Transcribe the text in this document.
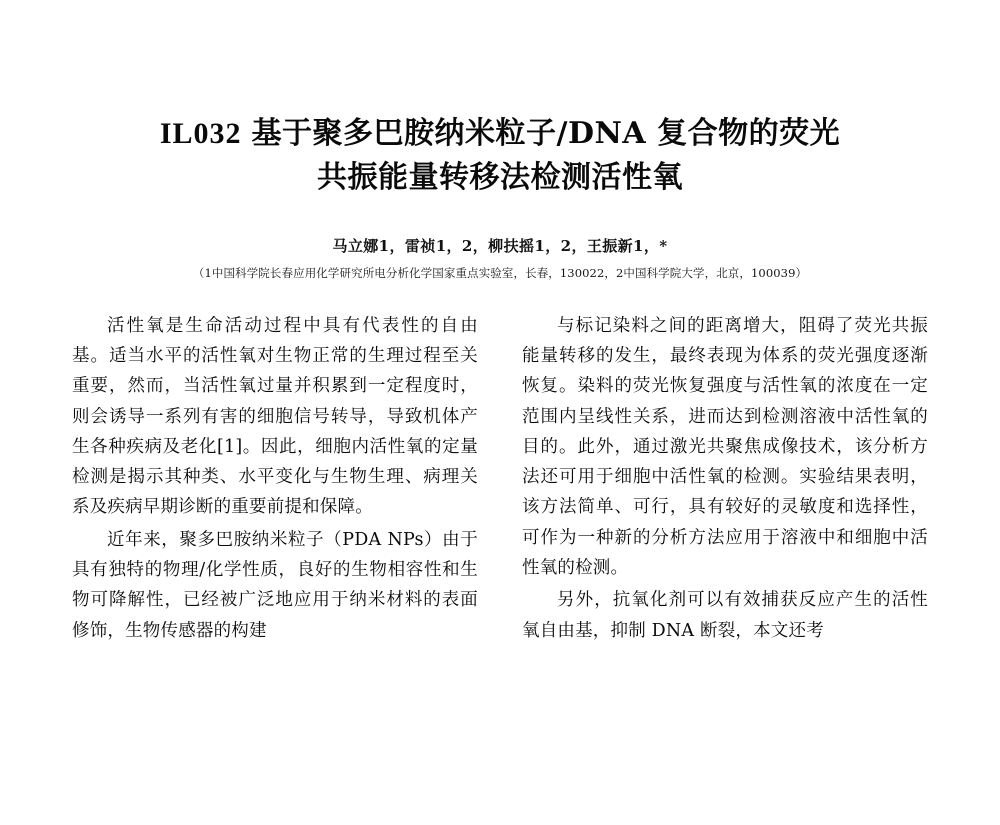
IL032 基于聚多巴胺纳米粒子/DNA 复合物的荧光
共振能量转移法检测活性氧
马立娜1，雷祯1，2，柳扶摇1，2，王振新1，*
（1中国科学院长春应用化学研究所电分析化学国家重点实验室，长春，130022，2中国科学院大学，北京，100039）

活性氧是生命活动过程中具有代表性的自由基。适当水平的活性氧对生物正常的生理过程至关重要，然而，当活性氧过量并积累到一定程度时，则会诱导一系列有害的细胞信号转导，导致机体产生各种疾病及老化[1]。因此，细胞内活性氧的定量检测是揭示其种类、水平变化与生物生理、病理关系及疾病早期诊断的重要前提和保障。

近年来，聚多巴胺纳米粒子（PDA NPs）由于具有独特的物理/化学性质，良好的生物相容性和生物可降解性，已经被广泛地应用于纳米材料的表面修饰，生物传感器的构建

与标记染料之间的距离增大，阻碍了荧光共振能量转移的发生，最终表现为体系的荧光强度逐渐恢复。染料的荧光恢复强度与活性氧的浓度在一定范围内呈线性关系，进而达到检测溶液中活性氧的目的。此外，通过激光共聚焦成像技术，该分析方法还可用于细胞中活性氧的检测。实验结果表明，该方法简单、可行，具有较好的灵敏度和选择性，可作为一种新的分析方法应用于溶液中和细胞中活性氧的检测。

另外，抗氧化剂可以有效捕获反应产生的活性氧自由基，抑制 DNA 断裂，本文还考
